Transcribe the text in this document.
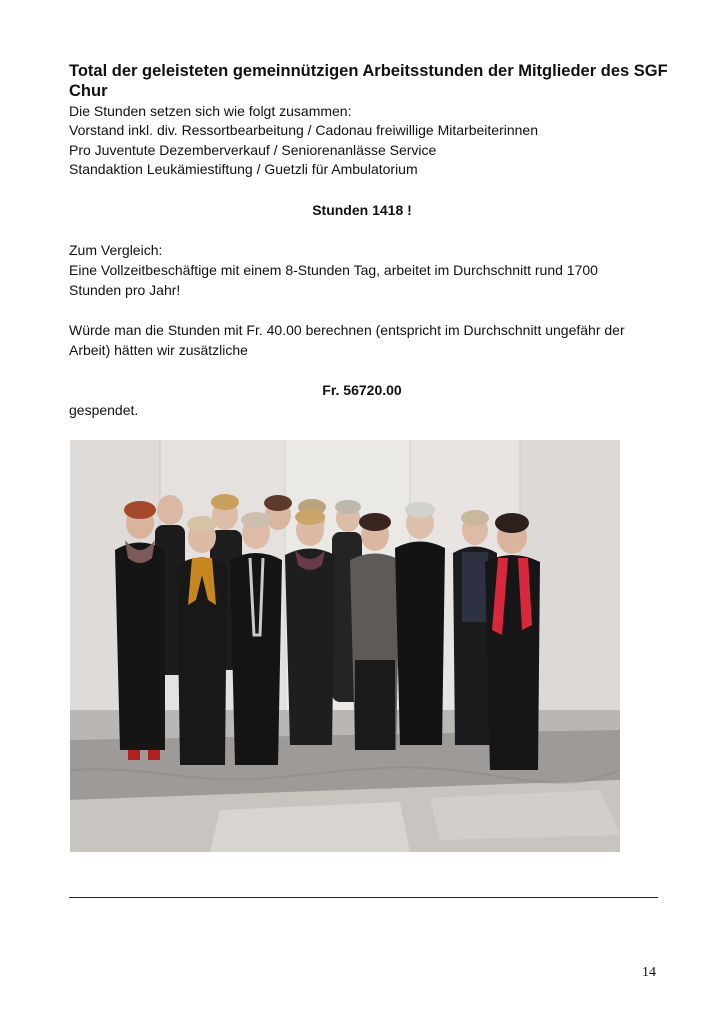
Total der geleisteten gemeinnützigen Arbeitsstunden der Mitglieder des SGF Chur

Die Stunden setzen sich wie folgt zusammen:

Vorstand inkl. div. Ressortbearbeitung / Cadonau freiwillige Mitarbeiterinnen

Pro Juventute Dezemberverkauf / Seniorenanlässe Service

Standaktion Leukämiestiftung / Guetzli für Ambulatorium

Stunden 1418 !

Zum Vergleich:

Eine Vollzeitbeschäftige mit einem 8-Stunden Tag, arbeitet im Durchschnitt rund 1700

Stunden pro Jahr!

Würde man die Stunden mit Fr. 40.00 berechnen (entspricht im Durchschnitt ungefähr der

Arbeit) hätten wir zusätzliche

Fr. 56720.00

gespendet.

14
